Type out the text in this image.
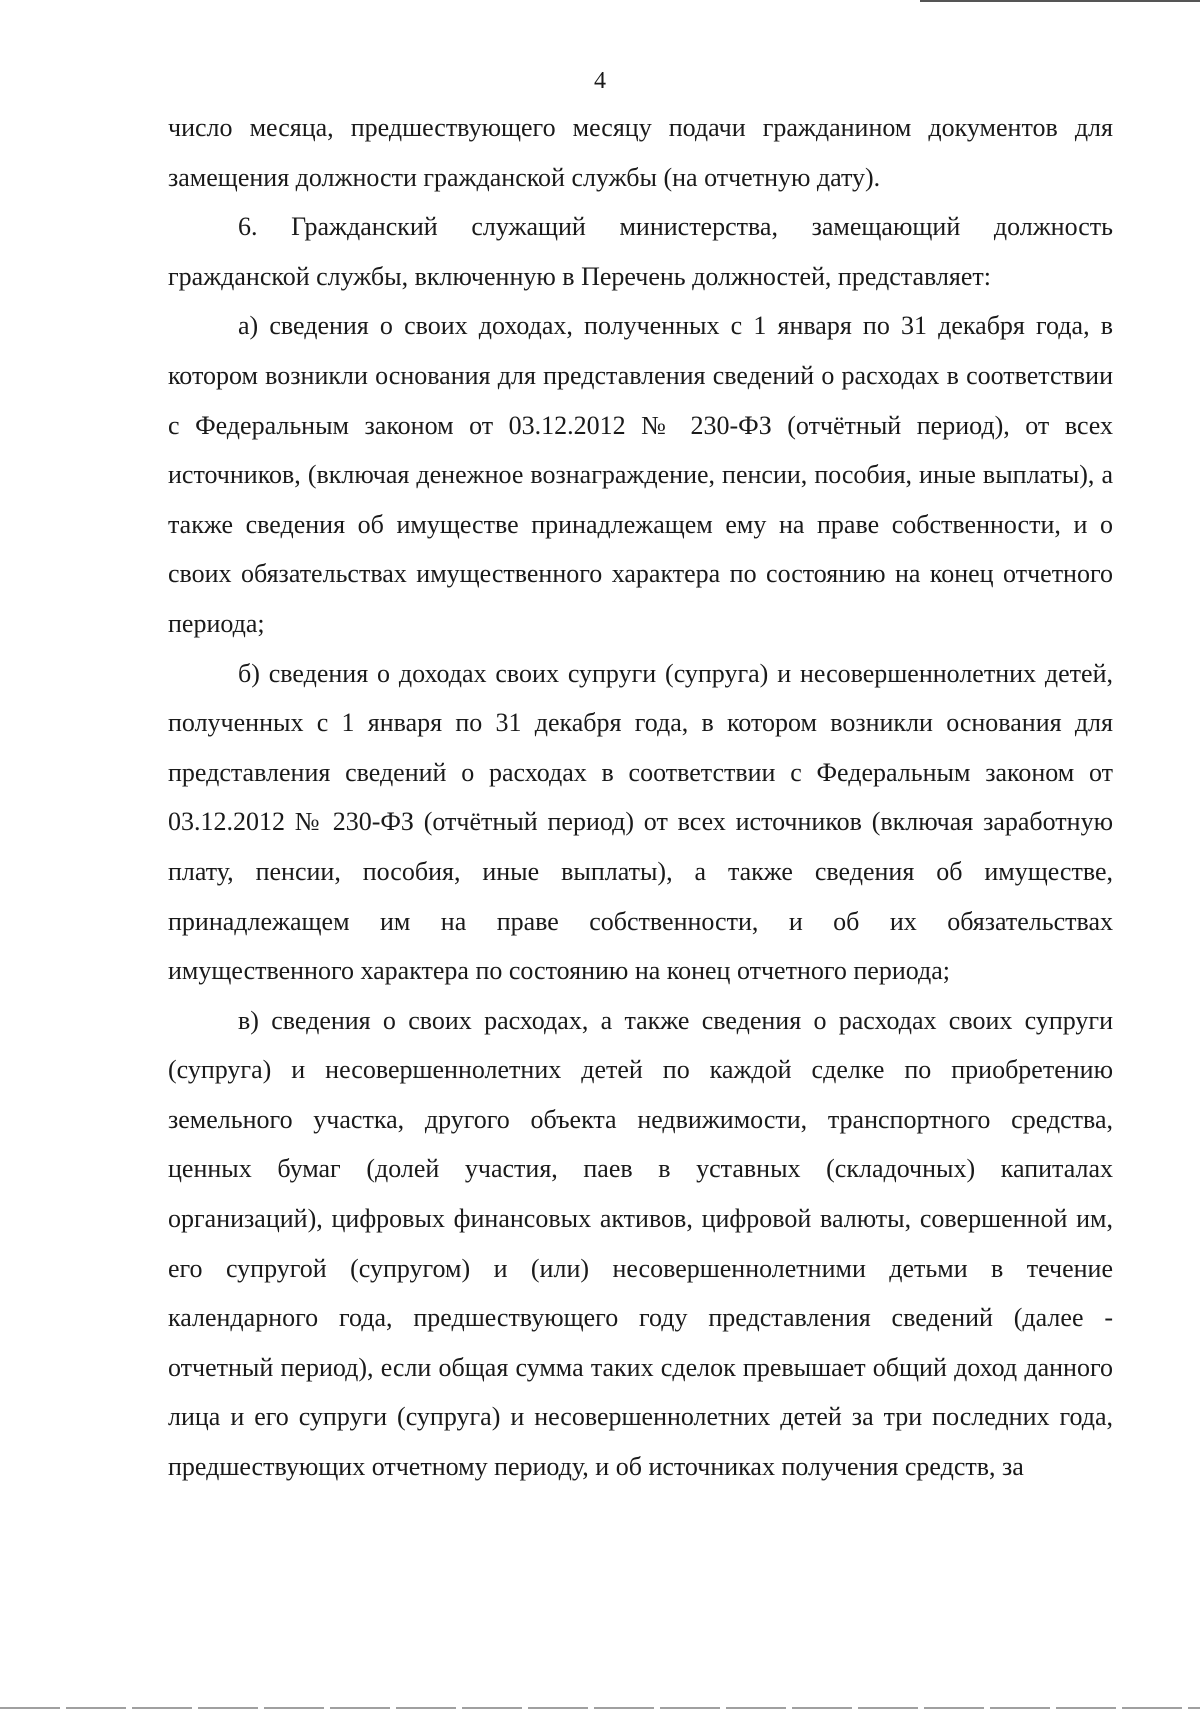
4

число месяца, предшествующего месяцу подачи гражданином документов для замещения должности гражданской службы (на отчетную дату).

6. Гражданский служащий министерства, замещающий должность гражданской службы, включенную в Перечень должностей, представляет:

а) сведения о своих доходах, полученных с 1 января по 31 декабря года, в котором возникли основания для представления сведений о расходах в соответствии с Федеральным законом от 03.12.2012 № 230-ФЗ (отчётный период), от всех источников, (включая денежное вознаграждение, пенсии, пособия, иные выплаты), а также сведения об имуществе принадлежащем ему на праве собственности, и о своих обязательствах имущественного характера по состоянию на конец отчетного периода;

б) сведения о доходах своих супруги (супруга) и несовершеннолетних детей, полученных с 1 января по 31 декабря года, в котором возникли основания для представления сведений о расходах в соответствии с Федеральным законом от 03.12.2012 № 230-ФЗ (отчётный период) от всех источников (включая заработную плату, пенсии, пособия, иные выплаты), а также сведения об имуществе, принадлежащем им на праве собственности, и об их обязательствах имущественного характера по состоянию на конец отчетного периода;

в) сведения о своих расходах, а также сведения о расходах своих супруги (супруга) и несовершеннолетних детей по каждой сделке по приобретению земельного участка, другого объекта недвижимости, транспортного средства, ценных бумаг (долей участия, паев в уставных (складочных) капиталах организаций), цифровых финансовых активов, цифровой валюты, совершенной им, его супругой (супругом) и (или) несовершеннолетними детьми в течение календарного года, предшествующего году представления сведений (далее - отчетный период), если общая сумма таких сделок превышает общий доход данного лица и его супруги (супруга) и несовершеннолетних детей за три последних года, предшествующих отчетному периоду, и об источниках получения средств, за
